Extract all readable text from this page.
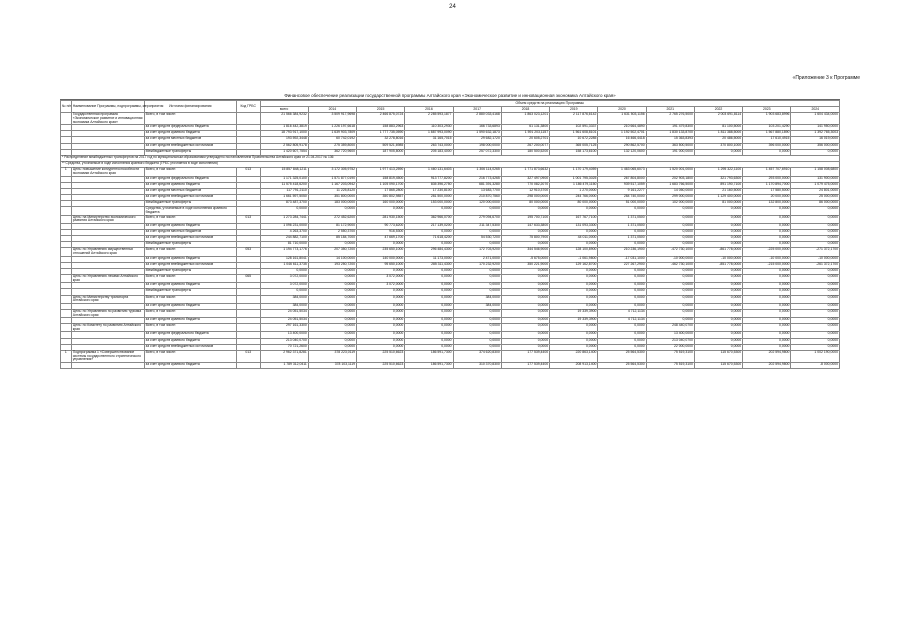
24
«Приложение 3 к Программе
Финансовое обеспечение реализации государственной программы Алтайского края «Экономическое развитие и инновационная экономика Алтайского края»
№ п/п	Наименование Программы, подпрограммы, мероприятия	Источник финансирования	Код ГРБС	Объем средств на реализацию Программы											
				всего	2014	2015	2016	2017	2018	2019	2020	2021	2022	2023	2024
	Государственная программа «Экономическое развитие и инновационная экономика Алтайского края»	Всего, в том числе:		21 566 384,9232	3 509 917,9698	2 466 875,0724	2 285 593,1877	2 880 033,4168	1 863 023,1201	2 117 876,6142	1 631 503,1156	2 765 276,5000	2 003 691,8114	1 903 683,8996	1 604 434,0000
		за счет средств федерального бюджета		1 816 442,3819	1 226 197,6618	158 883,2963	110 303,2930	166 733,6893	61 131,3800	102 591,3337	210 664,4890	191 479,8300	81 100,5000	103 201,4290	141 950,0000
		за счет средств краевого бюджета		18 793 917,1000	1 639 903,7809	1 777 735,0590	1 887 993,0090	1 590 632,1873	1 591 203,1157	1 561 608,8101	1 192 502,4701	1 830 133,8700	1 811 388,5000	1 567 880,1890	1 392 765,3003
		за счет средств местных бюджетов		193 592,3448	60 742,0192	32 278,8016	31 165,7015	29 682,1720	20 605,2701	10 672,2285	16 466,4418	15 363,8393	20 486,5000	17 610,4915	16 019,0000
		за счет средств внебюджетных источников		2 562 805,9178	275 359,8000	509 521,6985	263 743,0000	198 000,0000	267 200,0077	365 005,7125	290 862,5700	363 500,5000	370 800,1000	396 000,0000	356 000,0000
		Межбюджетные трансферты		1 420 607,7554	362 720,9600	187 905,8000	205 183,4000	257 072,3300	180 500,5200	158 173,6100	132 120,0600	191 000,0000	0,0000	0,0000	0,0000
* Распределение межбюджетных трансфертов на 2017 год по муниципальным образованиям утверждено постановлением Правительства Алтайского края от 21.04.2017 № 136															
** Средства, уточняемые в ходе исполнения краевого бюджета (ГРБС уточняется в ходе исполнения)															
1	Цель: повышение конкурентоспособности экономики Алтайского края	Всего, в том числе:	013	15 857 848,1211	3 172 305,9752	1 977 413,2590	1 460 131,6403	1 306 114,0265	1 771 873,6632	1 170 179,4059	1 463 065,6073	1 520 001,0000	1 295 322,1100	1 457 707,6910	1 158 008,6800
		за счет средств федерального бюджета		1 171 325,0100	1 571 877,0190	158 819,4500	913 777,8200	216 773,4265	327 497,0900	1 001 795,3025	267 804,8000	202 903,1800	321 793,6300	293 000,0000	131 900,0000
		за счет средств краевого бюджета		11 575 418,6200	1 167 203,0942	1 105 090,1700	835 396,2750	681 391,3280	770 082,2070	1 186 479,1150	939 517,1059	1 683 766,5000	891 190,7100	1 170 894,7000	1 079 475,0000
		за счет средств местных бюджетов		117 791,2110	11 225,8120	17 865,2800	17 230,8100	13 683,7700	12 910,3700	1 270,0000	9 161,2277	14 050,0000	21 160,5000	17 580,5000	24 801,0000
		за счет средств внебюджетных источников		1 661 597,5050	351 800,0000	350 802,9857	281 500,0000	210 870,7560	298 000,0000	244 766,0000	284 740,0000	299 000,0000	1 129 400,0000	20 000,0000	25 000,0000
		Межбюджетные трансферты		873 487,3700	183 000,0000	160 000,0000	153 000,0000	120 000,0000	80 000,0000	80 000,0000	51 000,0000	102 000,0000	81 000,0000	132 800,0000	86 000,0000
		Средства, уточняемые в ходе исполнения краевого бюджета		0,0000	0,0000	0,0000	0,0000	0,0000	0,0000	0,0000	0,0000	0,0000	0,0000	0,0000	0,0000
	Цель: на Министерство экономического развития Алтайского края	Всего, в том числе:	013	1 273 284,7441	272 452,6200	281 930,1500	362 966,0700	279 094,6700	195 700,7100	167 767,7100	1 371,0500	0,0000	0,0000	0,0000	0,0000
		за счет средств краевого бюджета		1 096 231,0000	81 172,9000	90 773,6200	217 139,0200	211 347,5300	147 633,3800	131 093,3300	1 371,0500	0,0000	0,0000	0,0000	0,0000
		за счет средств местных бюджетов		4 263,3700	2 550,3700	916,5300	0,0000	0,0000	0,0000	0,0000	0,0000	0,0000	0,0000	0,0000	0,0000
		за счет средств внебюджетных источников		244 882,7100	85 184,7000	47 669,1700	71 618,4200	54 530,7200	75 800,7900	44 011,0000	1 371,0500	0,0000	0,0000	0,0000	0,0000
		Межбюджетные трансферты		81 710,0000	0,0000	0,0000	0,0000	0,0000	0,0000	0,0000	0,0000	0,0000	0,0000	0,0000	0,0000
	Цель: по Управлению имущественных отношений Алтайского края	Всего, в том числе:	053	1 194 773,1776	207 350,7200	235 650,1000	296 484,4300	172 703,9200	344 546,9000	128 100,8900	210 236,1900	-472 730,1000	-861 778,0000	-225 000,0000	-271 372,1700
		за счет средств краевого бюджета		128 161,8041	14 100,0000	140 000,0000	11 173,0000	2 471,0000	-5 675,0000	-1 061,9800	-17 031,1000	-10 000,0000	-10 000,0000	-10 000,0000	-10 000,0000
		за счет средств внебюджетных источников		1 046 611,3735	193 250,7200	95 650,1000	285 311,4300	170 232,9200	350 221,9000	129 162,8700	227 267,2900	-462 730,1000	-851 778,0000	-215 000,0000	-261 372,1700
		Межбюджетные трансферты		0,0000	0,0000	0,0000	0,0000	0,0000	0,0000	0,0000	0,0000	0,0000	0,0000	0,0000	0,0000
	Цель: по Управлению лесами Алтайского края	Всего, в том числе:	065	3 072,0000	0,0000	3 072,0000	0,0000	0,0000	0,0000	0,0000	0,0000	0,0000	0,0000	0,0000	0,0000
		за счет средств краевого бюджета		3 072,0000	0,0000	3 072,0000	0,0000	0,0000	0,0000	0,0000	0,0000	0,0000	0,0000	0,0000	0,0000
		Межбюджетные трансферты		0,0000	0,0000	0,0000	0,0000	0,0000	0,0000	0,0000	0,0000	0,0000	0,0000	0,0000	0,0000
	Цель: по Министерству транспорта Алтайского края	Всего, в том числе:		384,0000	0,0000	0,0000	0,0000	384,0000	0,0000	0,0000	0,0000	0,0000	0,0000	0,0000	0,0000
		за счет средств краевого бюджета		384,0000	0,0000	0,0000	0,0000	384,0000	0,0000	0,0000	0,0000	0,0000	0,0000	0,0000	0,0000
	Цель: по Управлению по развитию туризма Алтайского края	Всего, в том числе:		24 051,5034	0,0000	0,0000	0,0000	0,0000	0,0000	19 339,3900	4 712,1134	0,0000	0,0000	0,0000	0,0000
		за счет средств краевого бюджета		24 051,5034	0,0000	0,0000	0,0000	0,0000	0,0000	19 339,3900	4 712,1134	0,0000	0,0000	0,0000	0,0000
	Цель: по Комитету по развитию Алтайского края	Всего, в том числе:		297 161,3300	0,0000	0,0000	0,0000	0,0000	0,0000	0,0000	0,0000	248 440,0700	0,0000	0,0000	0,0000
		за счет средств федерального бюджета		13 400,0000	0,0000	0,0000	0,0000	0,0000	0,0000	0,0000	0,0000	13 400,0000	0,0000	0,0000	0,0000
		за счет средств краевого бюджета		213 040,0700	0,0000	0,0000	0,0000	0,0000	0,0000	0,0000	0,0000	213 040,0700	0,0000	0,0000	0,0000
		за счет средств внебюджетных источников		70 721,2600	0,0000	0,0000	0,0000	0,0000	0,0000	0,0000	0,0000	22 000,0000	0,0000	0,0000	0,0000
1	Подпрограмма 1 «Совершенствование системы государственного стратегического управления»	Всего, в том числе:	013	2 962 371,8281	378 223,0119	225 510,6623	186 591,7300	374 620,8300	177 539,4400	220 863,1400	25 564,5300	75 519,3100	115 670,5300	202 594,9800	1 002 190,0000
		за счет средств краевого бюджета		1 789 312,0411	378 103,1119	225 510,6623	186 591,7300	310 370,8300	177 539,4400	208 913,1400	25 564,5300	75 519,3100	115 670,5300	202 594,9800	-8 000,0000
